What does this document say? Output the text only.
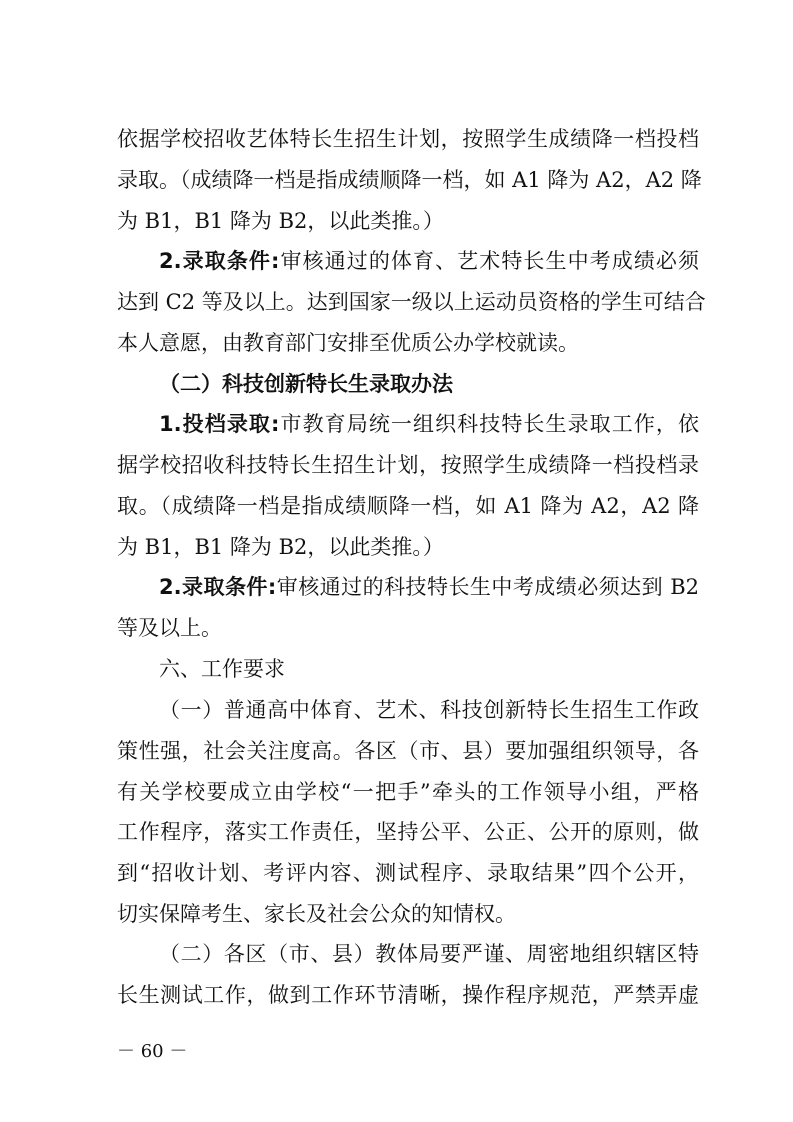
依据学校招收艺体特长生招生计划，按照学生成绩降一档投档
录取。（成绩降一档是指成绩顺降一档，如 A1 降为 A2，A2 降
为 B1，B1 降为 B2，以此类推。）
2.录取条件:审核通过的体育、艺术特长生中考成绩必须
达到 C2 等及以上。达到国家一级以上运动员资格的学生可结合
本人意愿，由教育部门安排至优质公办学校就读。
（二）科技创新特长生录取办法
1.投档录取:市教育局统一组织科技特长生录取工作，依
据学校招收科技特长生招生计划，按照学生成绩降一档投档录
取。（成绩降一档是指成绩顺降一档，如 A1 降为 A2，A2 降
为 B1，B1 降为 B2，以此类推。）
2.录取条件:审核通过的科技特长生中考成绩必须达到 B2
等及以上。
六、工作要求
（一）普通高中体育、艺术、科技创新特长生招生工作政
策性强，社会关注度高。各区（市、县）要加强组织领导，各
有关学校要成立由学校“一把手”牵头的工作领导小组，严格
工作程序，落实工作责任，坚持公平、公正、公开的原则，做
到“招收计划、考评内容、测试程序、录取结果”四个公开，
切实保障考生、家长及社会公众的知情权。
（二）各区（市、县）教体局要严谨、周密地组织辖区特
长生测试工作，做到工作环节清晰，操作程序规范，严禁弄虚
－ 60 －
